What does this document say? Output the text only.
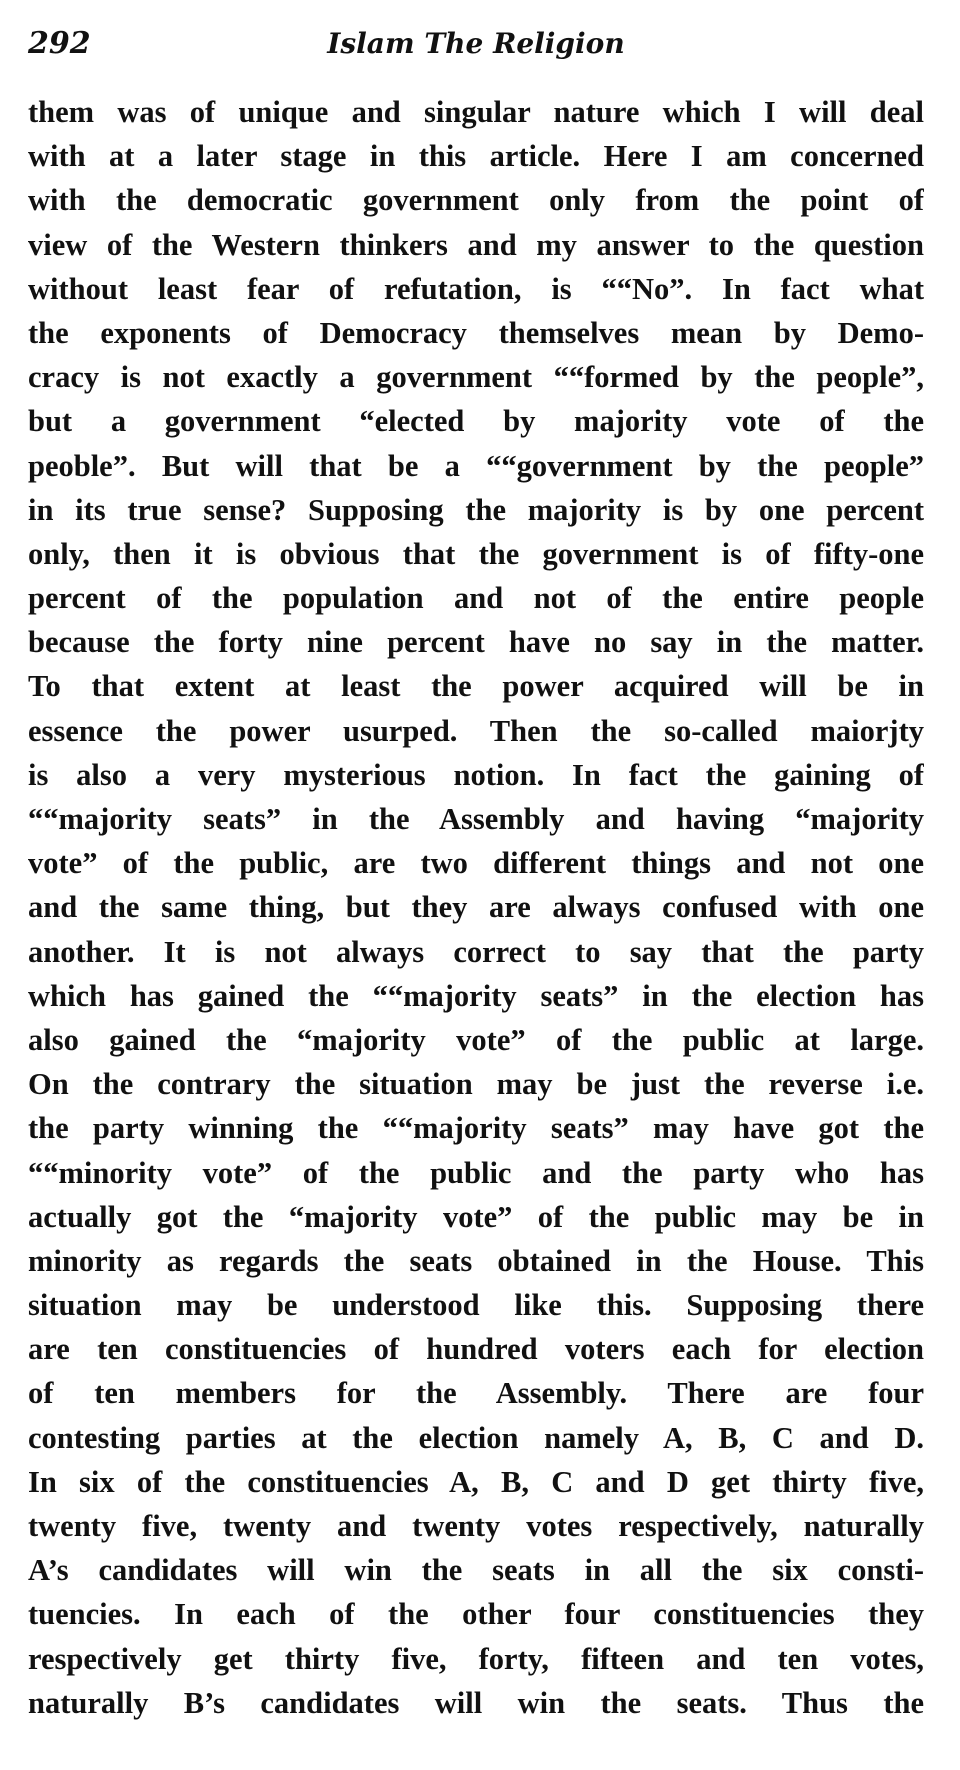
292	Islam The Religion
them was of unique and singular nature which I will deal
with at a later stage in this article. Here I am concerned
with the democratic government only from the point of
view of the Western thinkers and my answer to the question
without least fear of refutation, is ““No”. In fact what
the exponents of Democracy themselves mean by Demo-
cracy is not exactly a government ““formed by the people”,
but a government “elected by majority vote of the
peoble”. But will that be a ““government by the people”
in its true sense? Supposing the majority is by one percent
only, then it is obvious that the government is of fifty-one
percent of the population and not of the entire people
because the forty nine percent have no say in the matter.
To that extent at least the power acquired will be in
essence the power usurped. Then the so-called maiorjty
is also a very mysterious notion. In fact the gaining of
““majority seats” in the Assembly and having “majority
vote” of the public, are two different things and not one
and the same thing, but they are always confused with one
another. It is not always correct to say that the party
which has gained the ““majority seats” in the election has
also gained the “majority vote” of the public at large.
On the contrary the situation may be just the reverse i.e.
the party winning the ““majority seats” may have got the
““minority vote” of the public and the party who has
actually got the “majority vote” of the public may be in
minority as regards the seats obtained in the House. This
situation may be understood like this. Supposing there
are ten constituencies of hundred voters each for election
of ten members for the Assembly. There are four
contesting parties at the election namely A, B, C and D.
In six of the constituencies A, B, C and D get thirty five,
twenty five, twenty and twenty votes respectively, naturally
A’s candidates will win the seats in all the six consti-
tuencies. In each of the other four constituencies they
respectively get thirty five, forty, fifteen and ten votes,
naturally B’s candidates will win the seats. Thus the
